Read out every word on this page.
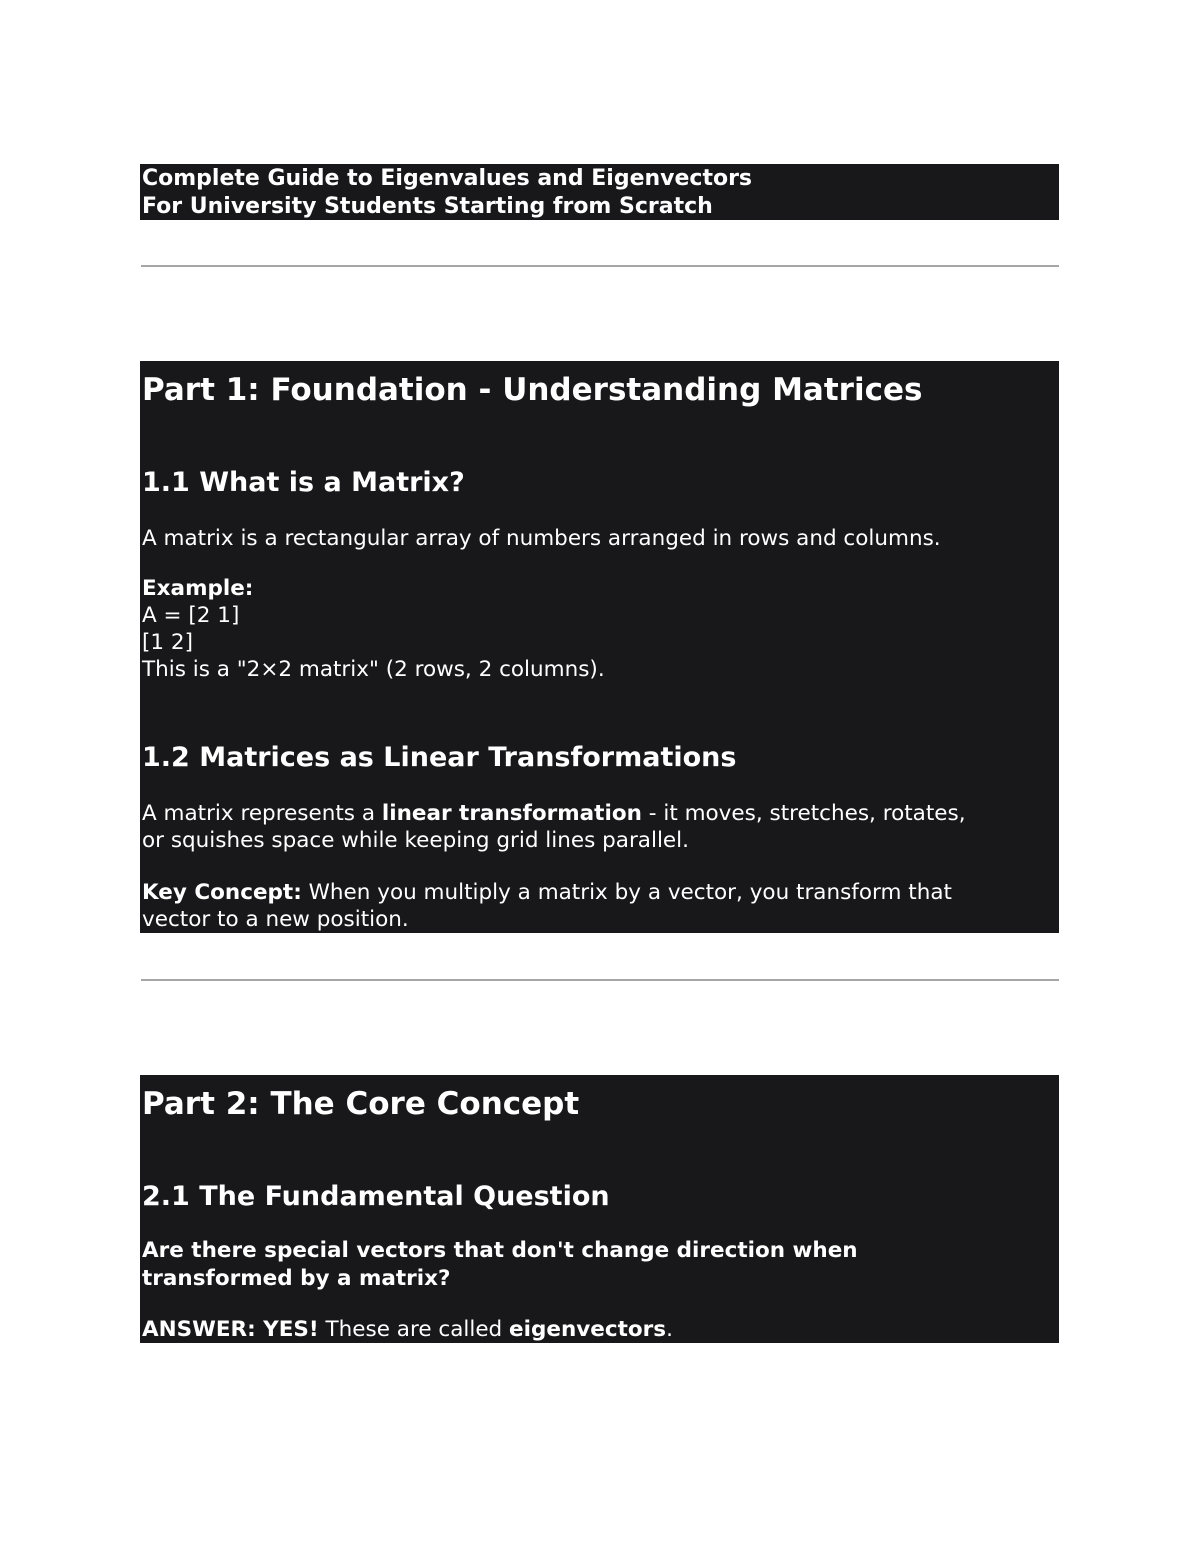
Complete Guide to Eigenvalues and Eigenvectors
For University Students Starting from Scratch
Part 1: Foundation - Understanding Matrices
1.1 What is a Matrix?
A matrix is a rectangular array of numbers arranged in rows and columns.
Example:
A = [2 1]
[1 2]
This is a "2×2 matrix" (2 rows, 2 columns).
1.2 Matrices as Linear Transformations
A matrix represents a linear transformation - it moves, stretches, rotates,
or squishes space while keeping grid lines parallel.
Key Concept: When you multiply a matrix by a vector, you transform that
vector to a new position.
Part 2: The Core Concept
2.1 The Fundamental Question
Are there special vectors that don't change direction when
transformed by a matrix?
ANSWER: YES! These are called eigenvectors.
